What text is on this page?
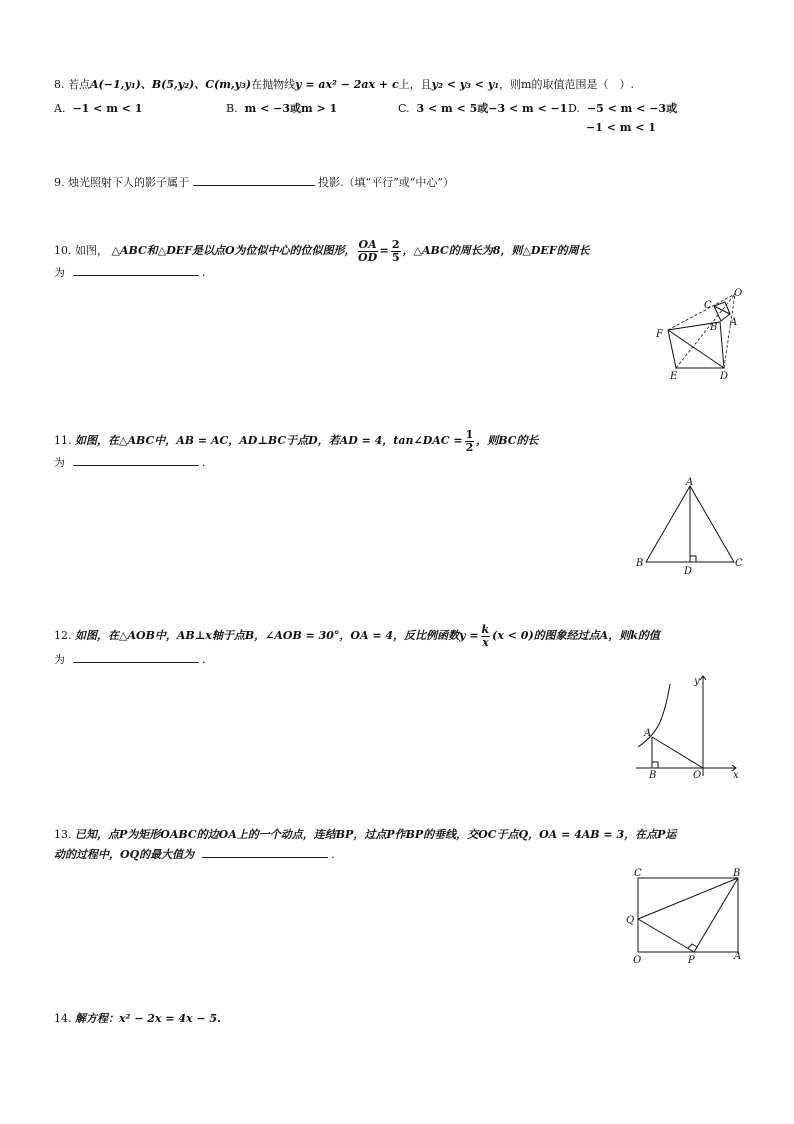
8. 若点A(−1,y₁)、B(5,y₂)、C(m,y₃)在抛物线y = ax² − 2ax + c上，且y₂ < y₃ < y₁，则m的取值范围是（　）.
A. −1 < m < 1	B. m < −3或m > 1	C. 3 < m < 5或−3 < m < −1 D. −5 < m < −3或
−1 < m < 1
9. 烛光照射下人的影子属于	投影.（填“平行”或“中心”）
10. 如图， △ABC和△DEF是以点O为位似中心的位似图形， $\frac{OA}{OD} = \frac{2}{5}$ ，△ABC的周长为8，则△DEF的周长
为	.
C
O
B A
F
E	D
11. 如图，在△ABC中，AB = AC，AD⊥BC于点D，若AD = 4，tan∠DAC = $\frac{1}{2}$ ，则BC的长
为	.
A
B
D
C
12. 如图，在△AOB中，AB⊥x轴于点B，∠AOB = 30°，OA = 4，反比例函数$y = \frac{k}{x} (x < 0)$的图象经过点A，则k的值
为	.
y
A
B	O	x
13. 已知，点P为矩形OABC的边OA上的一个动点，连结BP，过点P作BP的垂线，交OC于点Q，OA = 4AB = 3，在点P运
动的过程中，OQ的最大值为	.
C	B
Q
O	P	A
14. 解方程：x² − 2x = 4x − 5.
